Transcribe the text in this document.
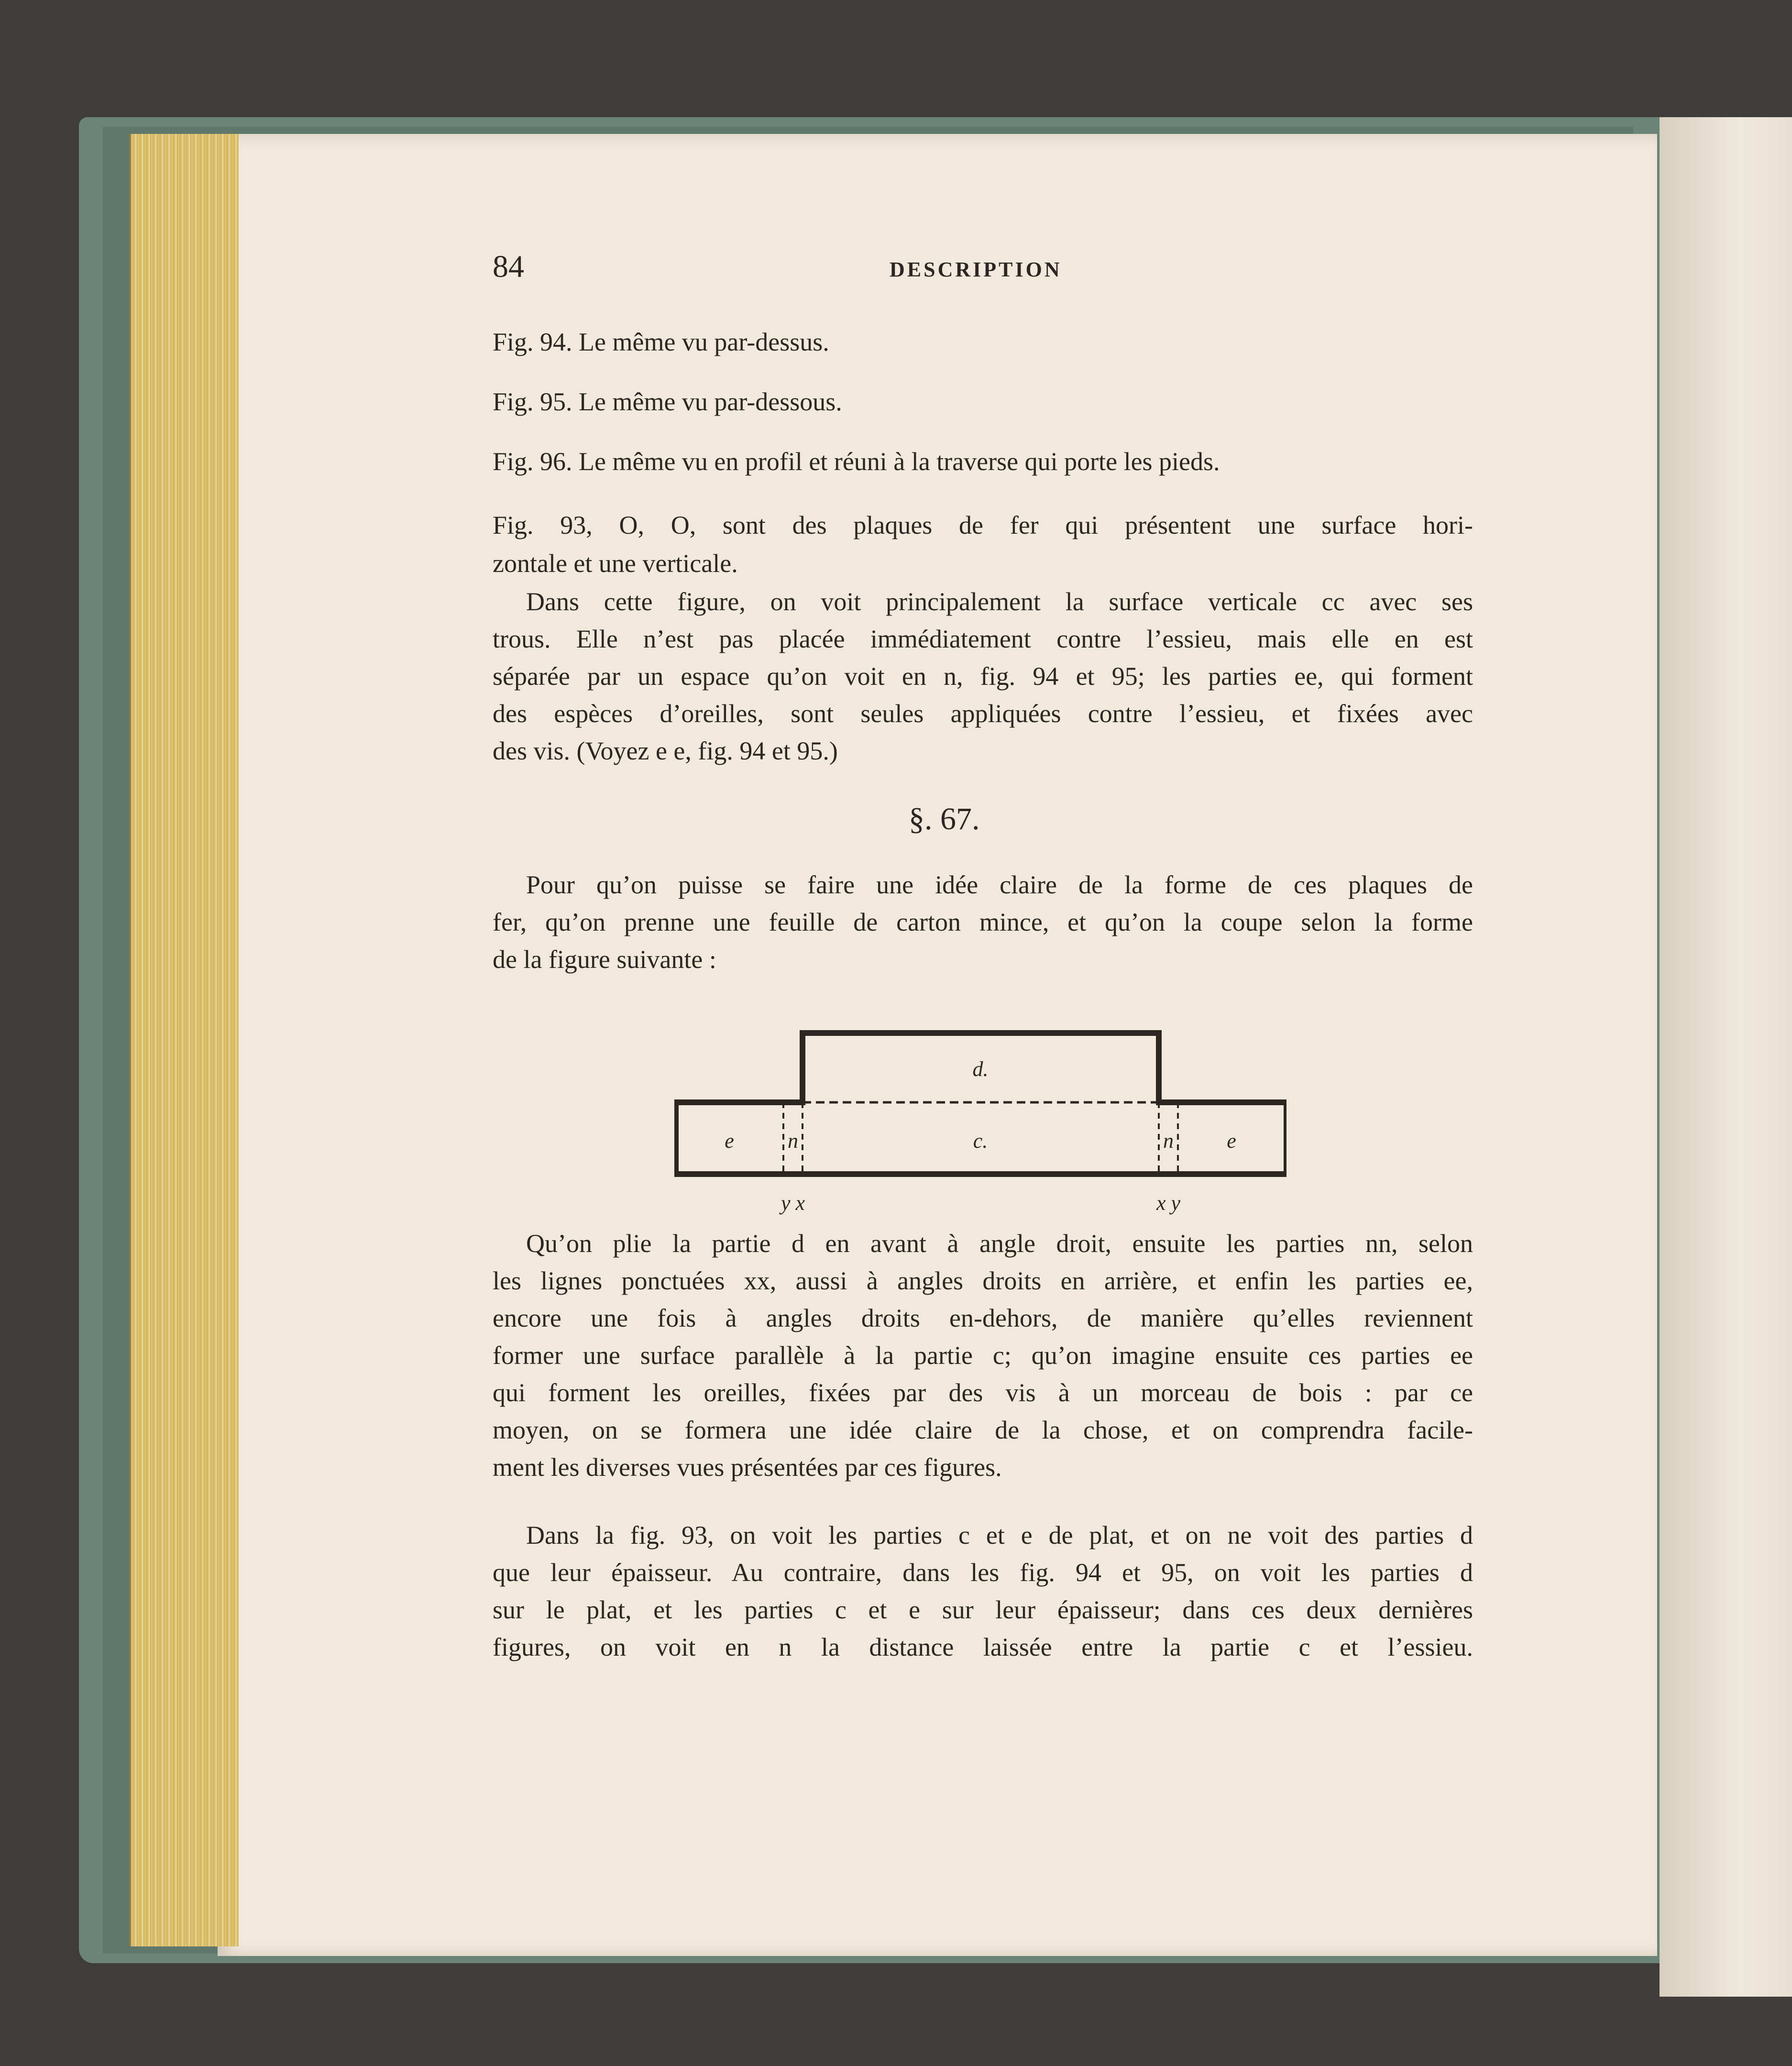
84	DESCRIPTION
Fig. 94. Le même vu par-dessus.
Fig. 95. Le même vu par-dessous.
Fig. 96. Le même vu en profil et réuni à la traverse qui porte les pieds.
Fig. 93, O, O, sont des plaques de fer qui présentent une surface hori-
zontale et une verticale.
Dans cette figure, on voit principalement la surface verticale cc avec ses
trous. Elle n’est pas placée immédiatement contre l’essieu, mais elle en est
séparée par un espace qu’on voit en n, fig. 94 et 95; les parties ee, qui forment
des espèces d’oreilles, sont seules appliquées contre l’essieu, et fixées avec
des vis. (Voyez e e, fig. 94 et 95.)
§. 67.
Pour qu’on puisse se faire une idée claire de la forme de ces plaques de
fer, qu’on prenne une feuille de carton mince, et qu’on la coupe selon la forme
de la figure suivante :
d.
c.
e	e
n	n
y x	x y
Qu’on plie la partie d en avant à angle droit, ensuite les parties nn, selon
les lignes ponctuées xx, aussi à angles droits en arrière, et enfin les parties ee,
encore une fois à angles droits en-dehors, de manière qu’elles reviennent
former une surface parallèle à la partie c; qu’on imagine ensuite ces parties ee
qui forment les oreilles, fixées par des vis à un morceau de bois : par ce
moyen, on se formera une idée claire de la chose, et on comprendra facile-
ment les diverses vues présentées par ces figures.
Dans la fig. 93, on voit les parties c et e de plat, et on ne voit des parties d
que leur épaisseur. Au contraire, dans les fig. 94 et 95, on voit les parties d
sur le plat, et les parties c et e sur leur épaisseur; dans ces deux dernières
figures, on voit en n la distance laissée entre la partie c et l’essieu.
